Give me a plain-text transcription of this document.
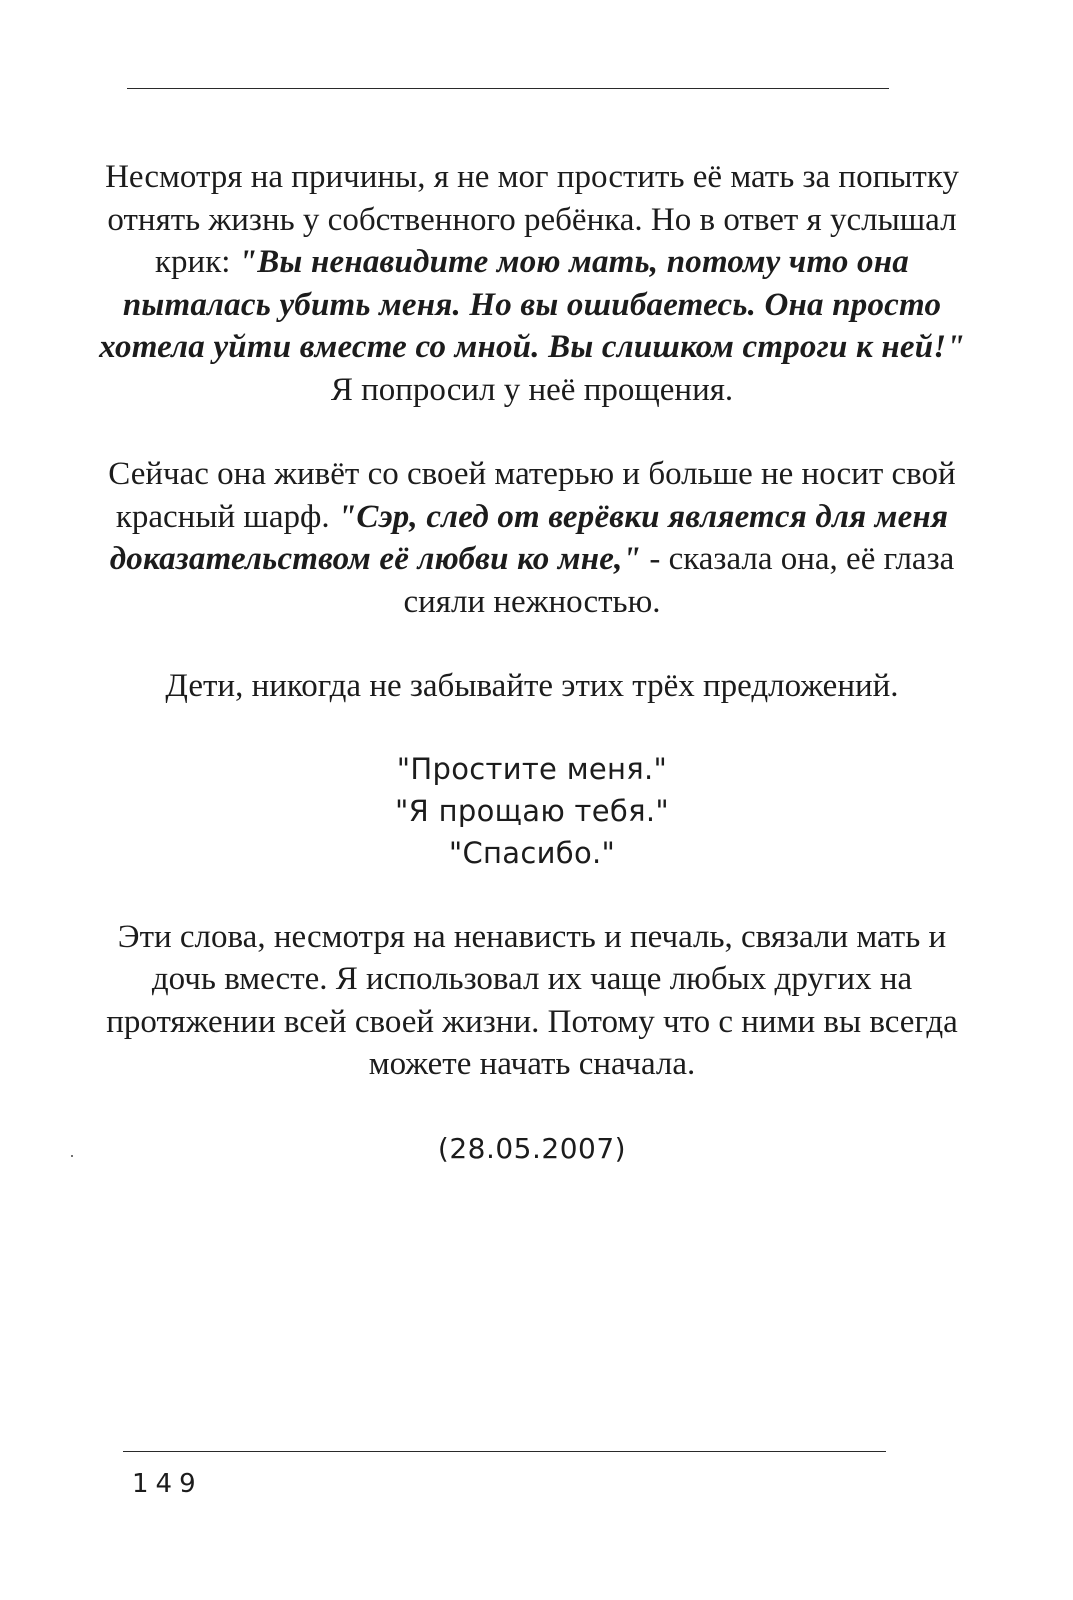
Несмотря на причины, я не мог простить её мать за попытку отнять жизнь у собственного ребёнка. Но в ответ я услышал крик: "Вы ненавидите мою мать, потому что она пыталась убить меня. Но вы ошибаетесь. Она просто хотела уйти вместе со мной. Вы слишком строги к ней!"

Я попросил у неё прощения.

Сейчас она живёт со своей матерью и больше не носит свой красный шарф. "Сэр, след от верёвки является для меня доказательством её любви ко мне," - сказала она, её глаза сияли нежностью.

Дети, никогда не забывайте этих трёх предложений.

"Простите меня."

"Я прощаю тебя."

"Спасибо."

Эти слова, несмотря на ненависть и печаль, связали мать и дочь вместе. Я использовал их чаще любых других на протяжении всей своей жизни. Потому что с ними вы всегда можете начать сначала.

(28.05.2007)

149
